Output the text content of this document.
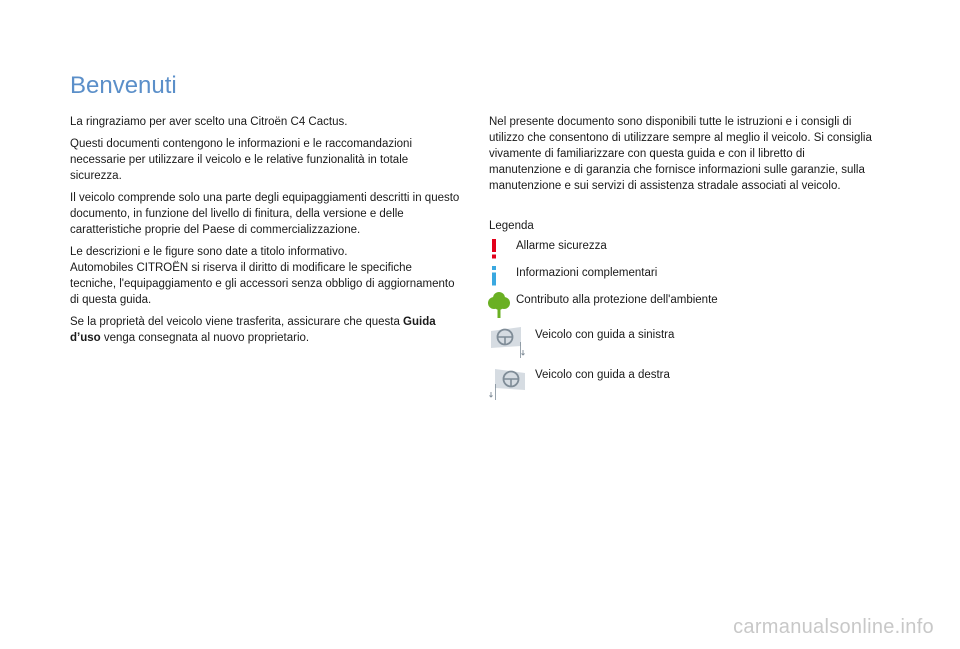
Benvenuti

La ringraziamo per aver scelto una Citroën C4 Cactus.

Questi documenti contengono le informazioni e le raccomandazioni necessarie per utilizzare il veicolo e le relative funzionalità in totale sicurezza.

Il veicolo comprende solo una parte degli equipaggiamenti descritti in questo documento, in funzione del livello di finitura, della versione e delle caratteristiche proprie del Paese di commercializzazione.

Le descrizioni e le figure sono date a titolo informativo.

Automobiles CITROËN si riserva il diritto di modificare le specifiche tecniche, l'equipaggiamento e gli accessori senza obbligo di aggiornamento di questa guida.

Se la proprietà del veicolo viene trasferita, assicurare che questa Guida d’uso venga consegnata al nuovo proprietario.

Nel presente documento sono disponibili tutte le istruzioni e i consigli di utilizzo che consentono di utilizzare sempre al meglio il veicolo. Si consiglia vivamente di familiarizzare con questa guida e con il libretto di manutenzione e di garanzia che fornisce informazioni sulle garanzie, sulla manutenzione e sui servizi di assistenza stradale associati al veicolo.

Legenda
Allarme sicurezza
Informazioni complementari
Contributo alla protezione dell'ambiente
Veicolo con guida a sinistra
Veicolo con guida a destra
carmanualsonline.info
